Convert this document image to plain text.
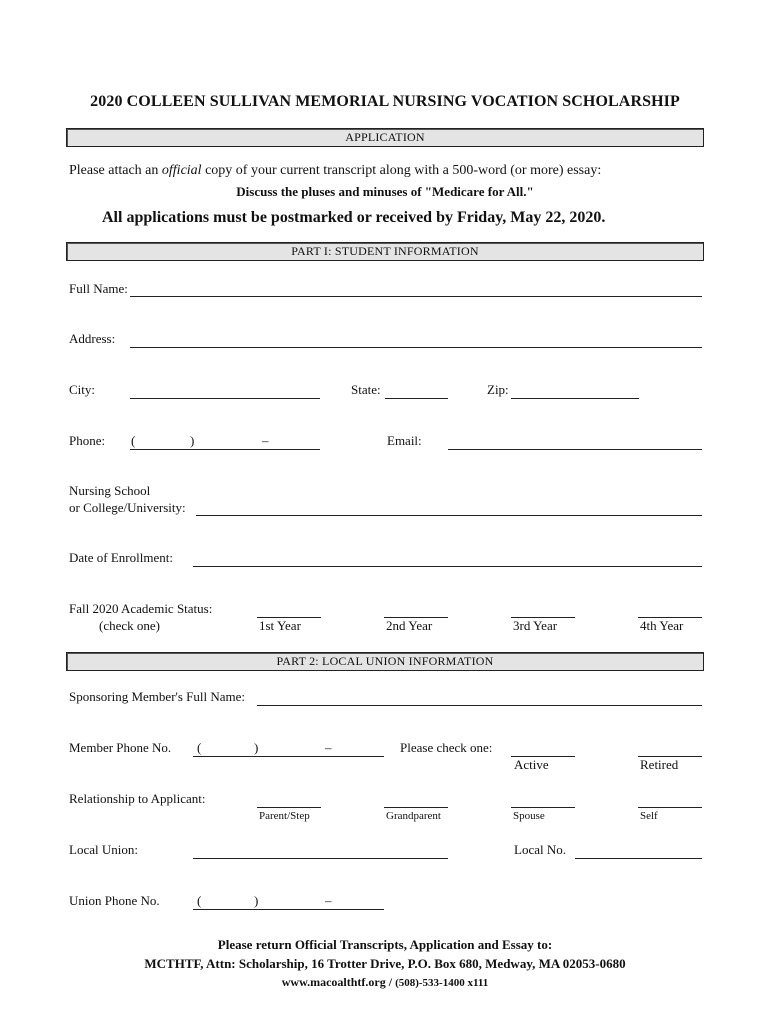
2020 COLLEEN SULLIVAN MEMORIAL NURSING VOCATION SCHOLARSHIP
APPLICATION
Please attach an official copy of your current transcript along with a 500-word (or more) essay:
Discuss the pluses and minuses of "Medicare for All."
All applications must be postmarked or received by Friday, May 22, 2020.
PART I: STUDENT INFORMATION
Full Name:
Address:
City:	State:	Zip:
Phone: (	)	–	Email:
Nursing School
or College/University:
Date of Enrollment:
Fall 2020 Academic Status:
(check one)	1st Year	2nd Year	3rd Year	4th Year
PART 2: LOCAL UNION INFORMATION
Sponsoring Member's Full Name:
Member Phone No. (	)	–	Please check one:
Active	Retired
Relationship to Applicant:
Parent/Step	Grandparent	Spouse	Self
Local Union:	Local No.
Union Phone No.	(	)	–
Please return Official Transcripts, Application and Essay to:
MCTHTF, Attn: Scholarship, 16 Trotter Drive, P.O. Box 680, Medway, MA 02053-0680
www.macoalthtf.org / (508)-533-1400 x111
